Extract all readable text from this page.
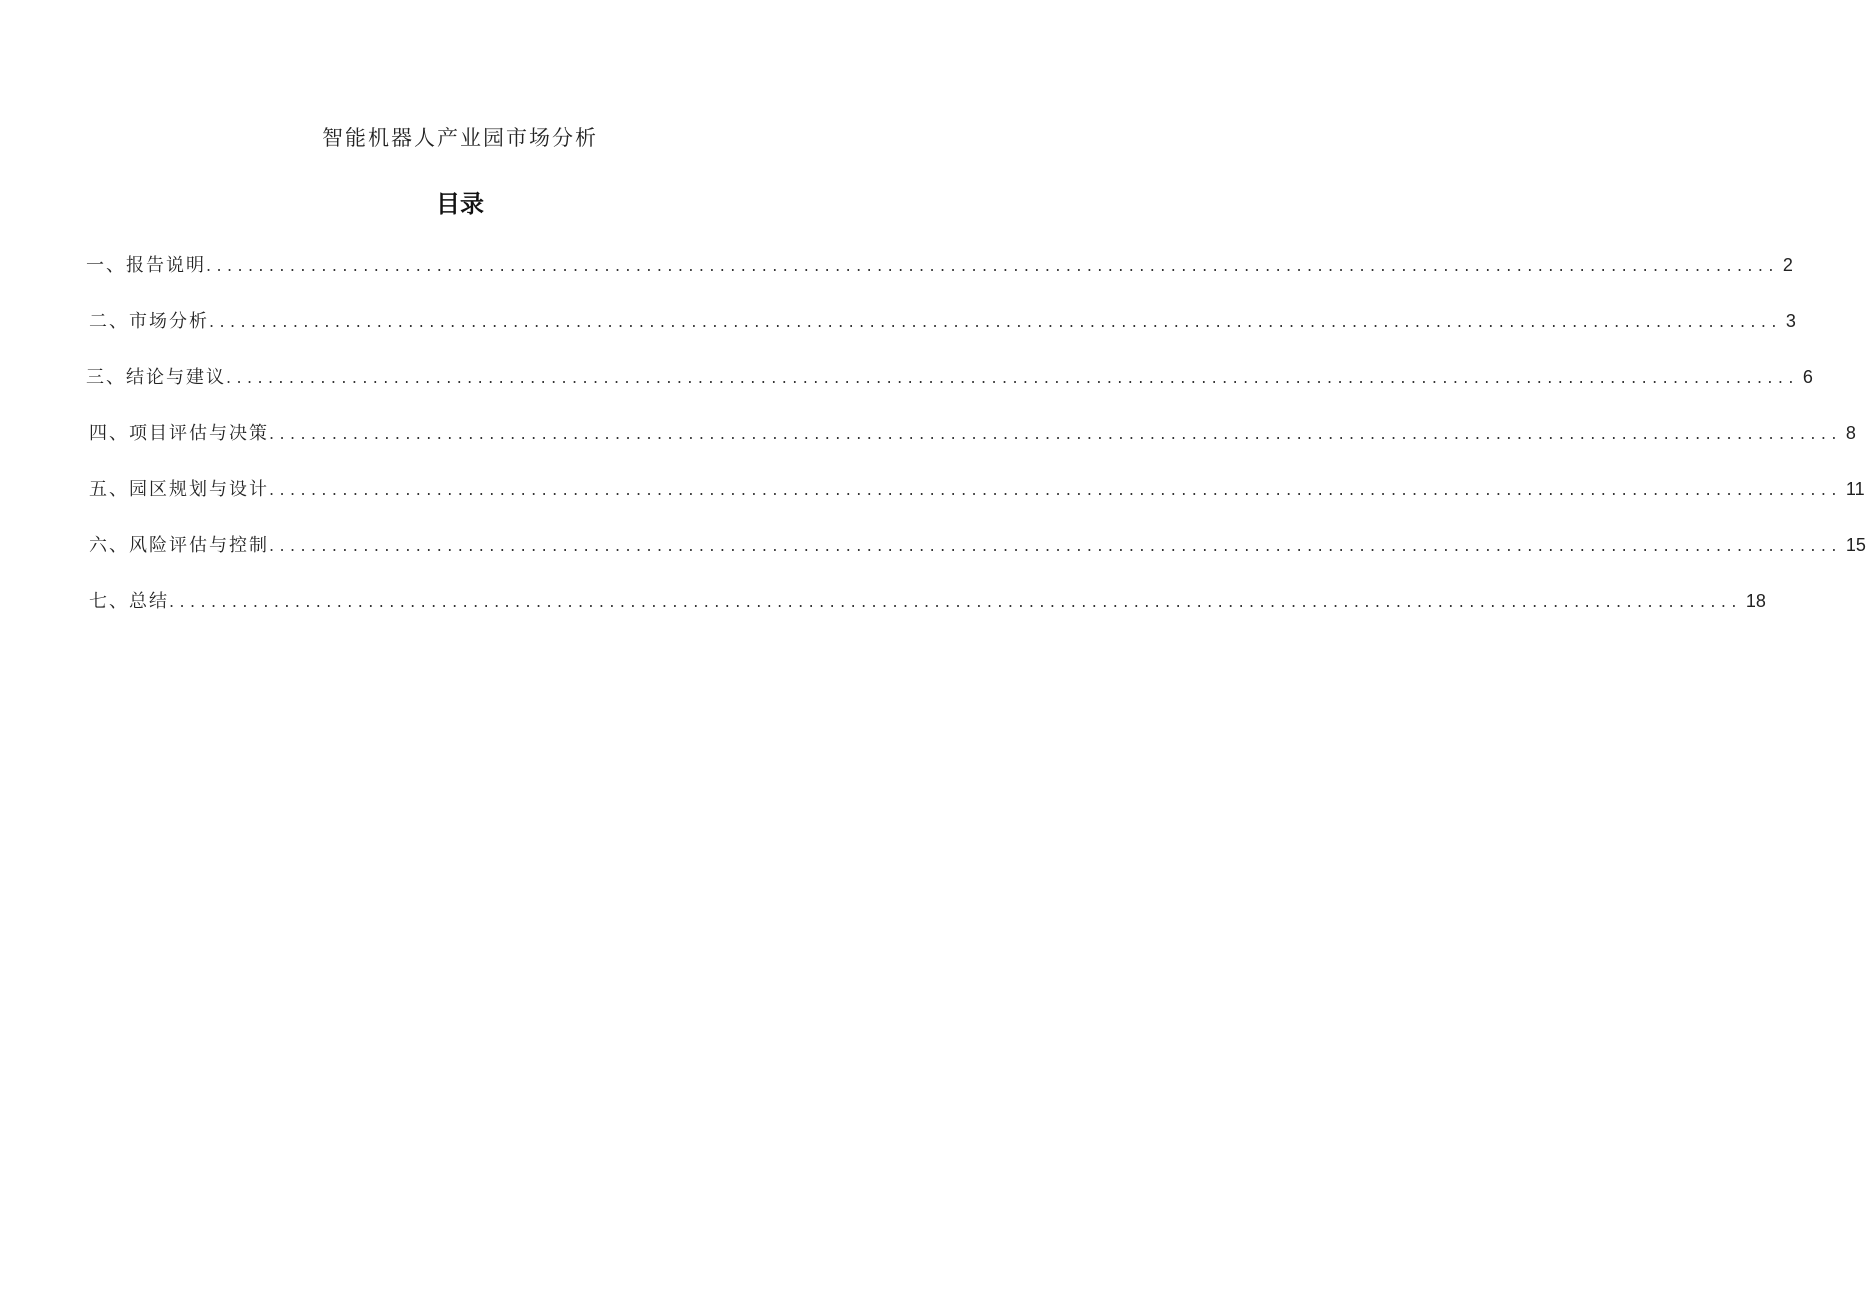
智能机器人产业园市场分析
目录
一、报告说明 ...................................................................................................................................................... 2
二、市场分析 ...................................................................................................................................................... 3
三、结论与建议 ...................................................................................................................................................... 6
四、项目评估与决策 ...................................................................................................................................................... 8
五、园区规划与设计 ...................................................................................................................................................... 11
六、风险评估与控制 ...................................................................................................................................................... 15
七、总结 ...................................................................................................................................................... 18
